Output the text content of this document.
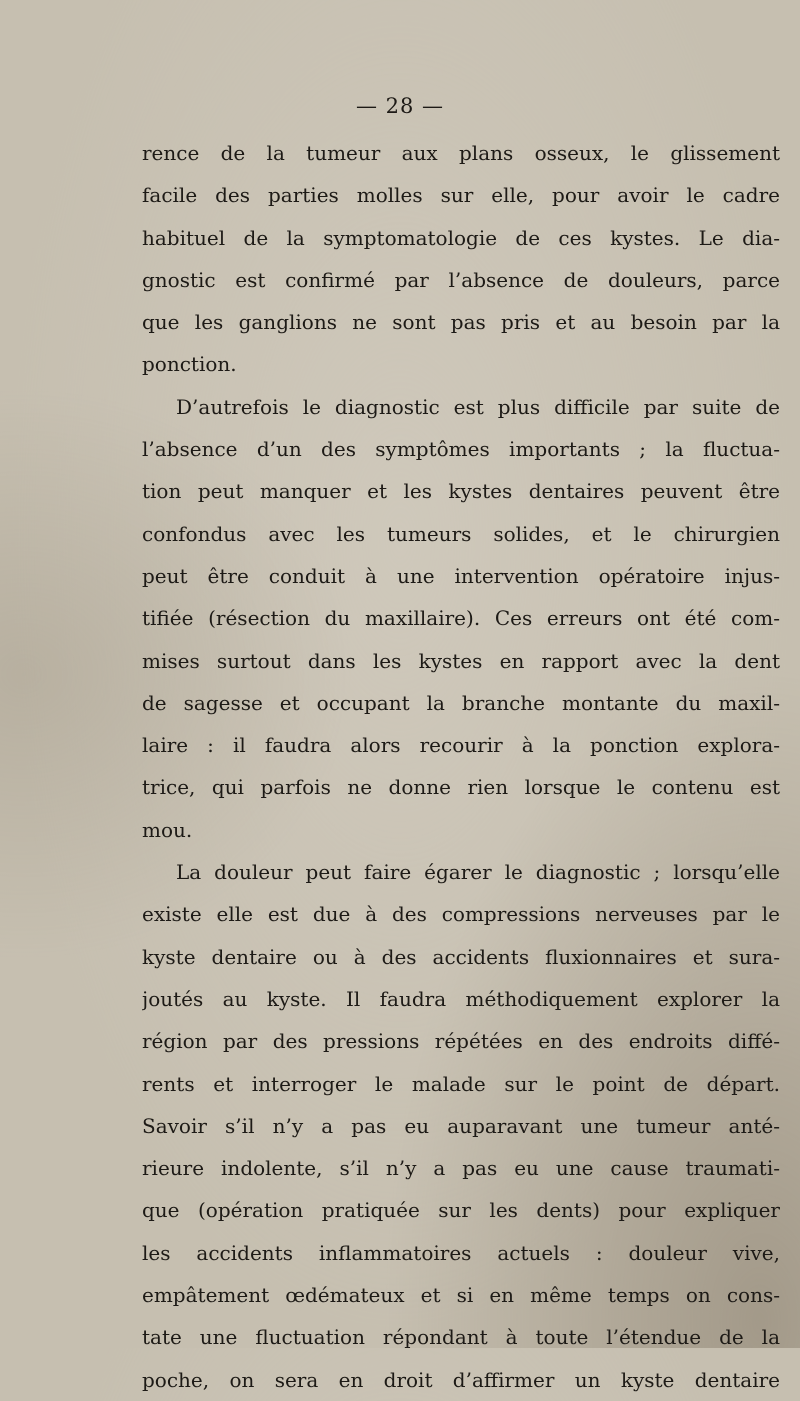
— 28 —
rence de la tumeur aux plans osseux, le glissement
facile des parties molles sur elle, pour avoir le cadre
habituel de la symptomatologie de ces kystes. Le dia-
gnostic est confirmé par l’absence de douleurs, parce
que les ganglions ne sont pas pris et au besoin par la
ponction.
D’autrefois le diagnostic est plus difficile par suite de
l’absence d’un des symptômes importants ; la fluctua-
tion peut manquer et les kystes dentaires peuvent être
confondus avec les tumeurs solides, et le chirurgien
peut être conduit à une intervention opératoire injus-
tifiée (résection du maxillaire). Ces erreurs ont été com-
mises surtout dans les kystes en rapport avec la dent
de sagesse et occupant la branche montante du maxil-
laire : il faudra alors recourir à la ponction explora-
trice, qui parfois ne donne rien lorsque le contenu est
mou.
La douleur peut faire égarer le diagnostic ; lorsqu’elle
existe elle est due à des compressions nerveuses par le
kyste dentaire ou à des accidents fluxionnaires et sura-
joutés au kyste. Il faudra méthodiquement explorer la
région par des pressions répétées en des endroits diffé-
rents et interroger le malade sur le point de départ.
Savoir s’il n’y a pas eu auparavant une tumeur anté-
rieure indolente, s’il n’y a pas eu une cause traumati-
que (opération pratiquée sur les dents) pour expliquer
les accidents inflammatoires actuels : douleur vive,
empâtement œdémateux et si en même temps on cons-
tate une fluctuation répondant à toute l’étendue de la
poche, on sera en droit d’affirmer un kyste dentaire
